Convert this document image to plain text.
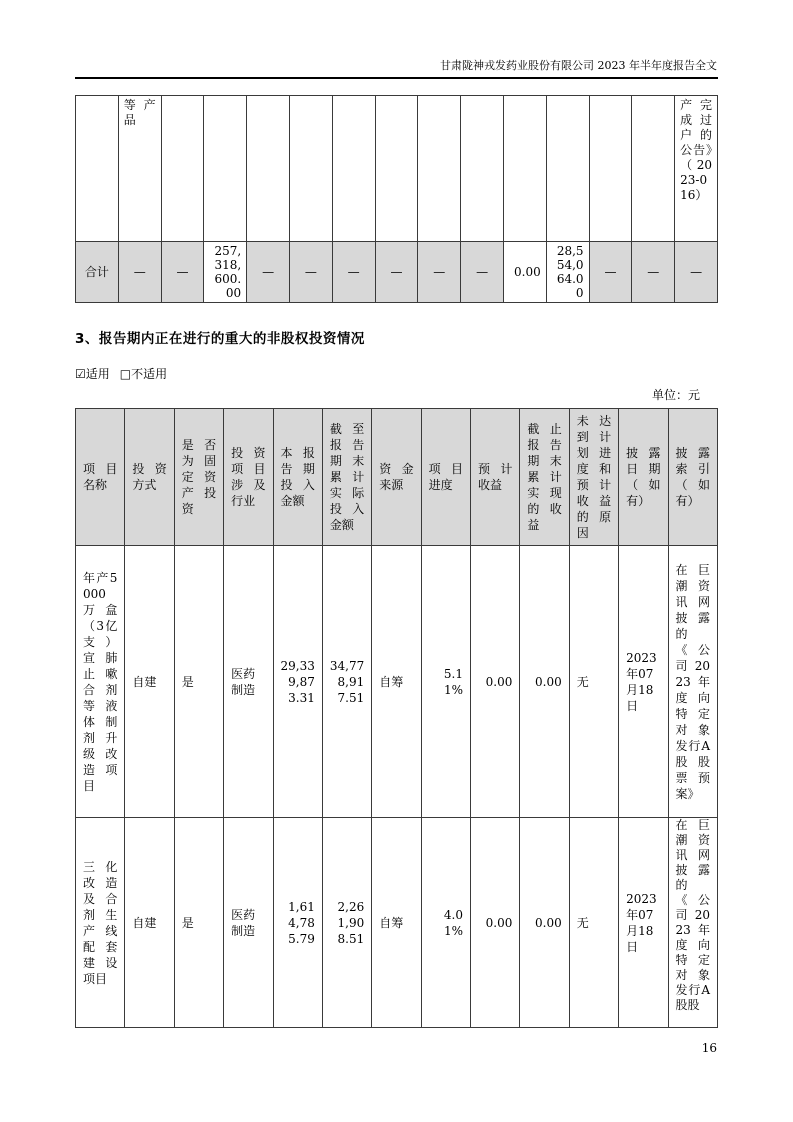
甘肃陇神戎发药业股份有限公司 2023 年半年度报告全文
	等产品													产完成过户的公告》（2023-016）
合计	—	—	257,318,600.00	—	—	—	—	—	—	0.00	28,554,064.00	—	—	—
3、报告期内正在进行的重大的非股权投资情况
☑适用 □不适用
单位：元
项目名称	投资方式	是否为固定资产投资	投资项目涉及行业	本报告期投入金额	截至报告期末累计实际投入金额	资金来源	项目进度	预计收益	截止报告期末累计实现的收益	未达到计划进度和预计收益的原因	披露日期（如有）	披露索引（如有）
年产5000万盒（3亿支）宣肺止嗽合剂等液体制剂升级改造项目	自建	是	医药制造	29,339,873.31	34,778,917.51	自筹	5.11%	0.00	0.00	无	2023年07月18日	在巨潮资讯网披露的《公司2023年度向特定对象发行A股股票预案》
三化改造及合剂生产线配套建设项目	自建	是	医药制造	1,614,785.79	2,261,908.51	自筹	4.01%	0.00	0.00	无	2023年07月18日	在巨潮资讯网披露的《公司2023年度向特定对象发行A股股
16
